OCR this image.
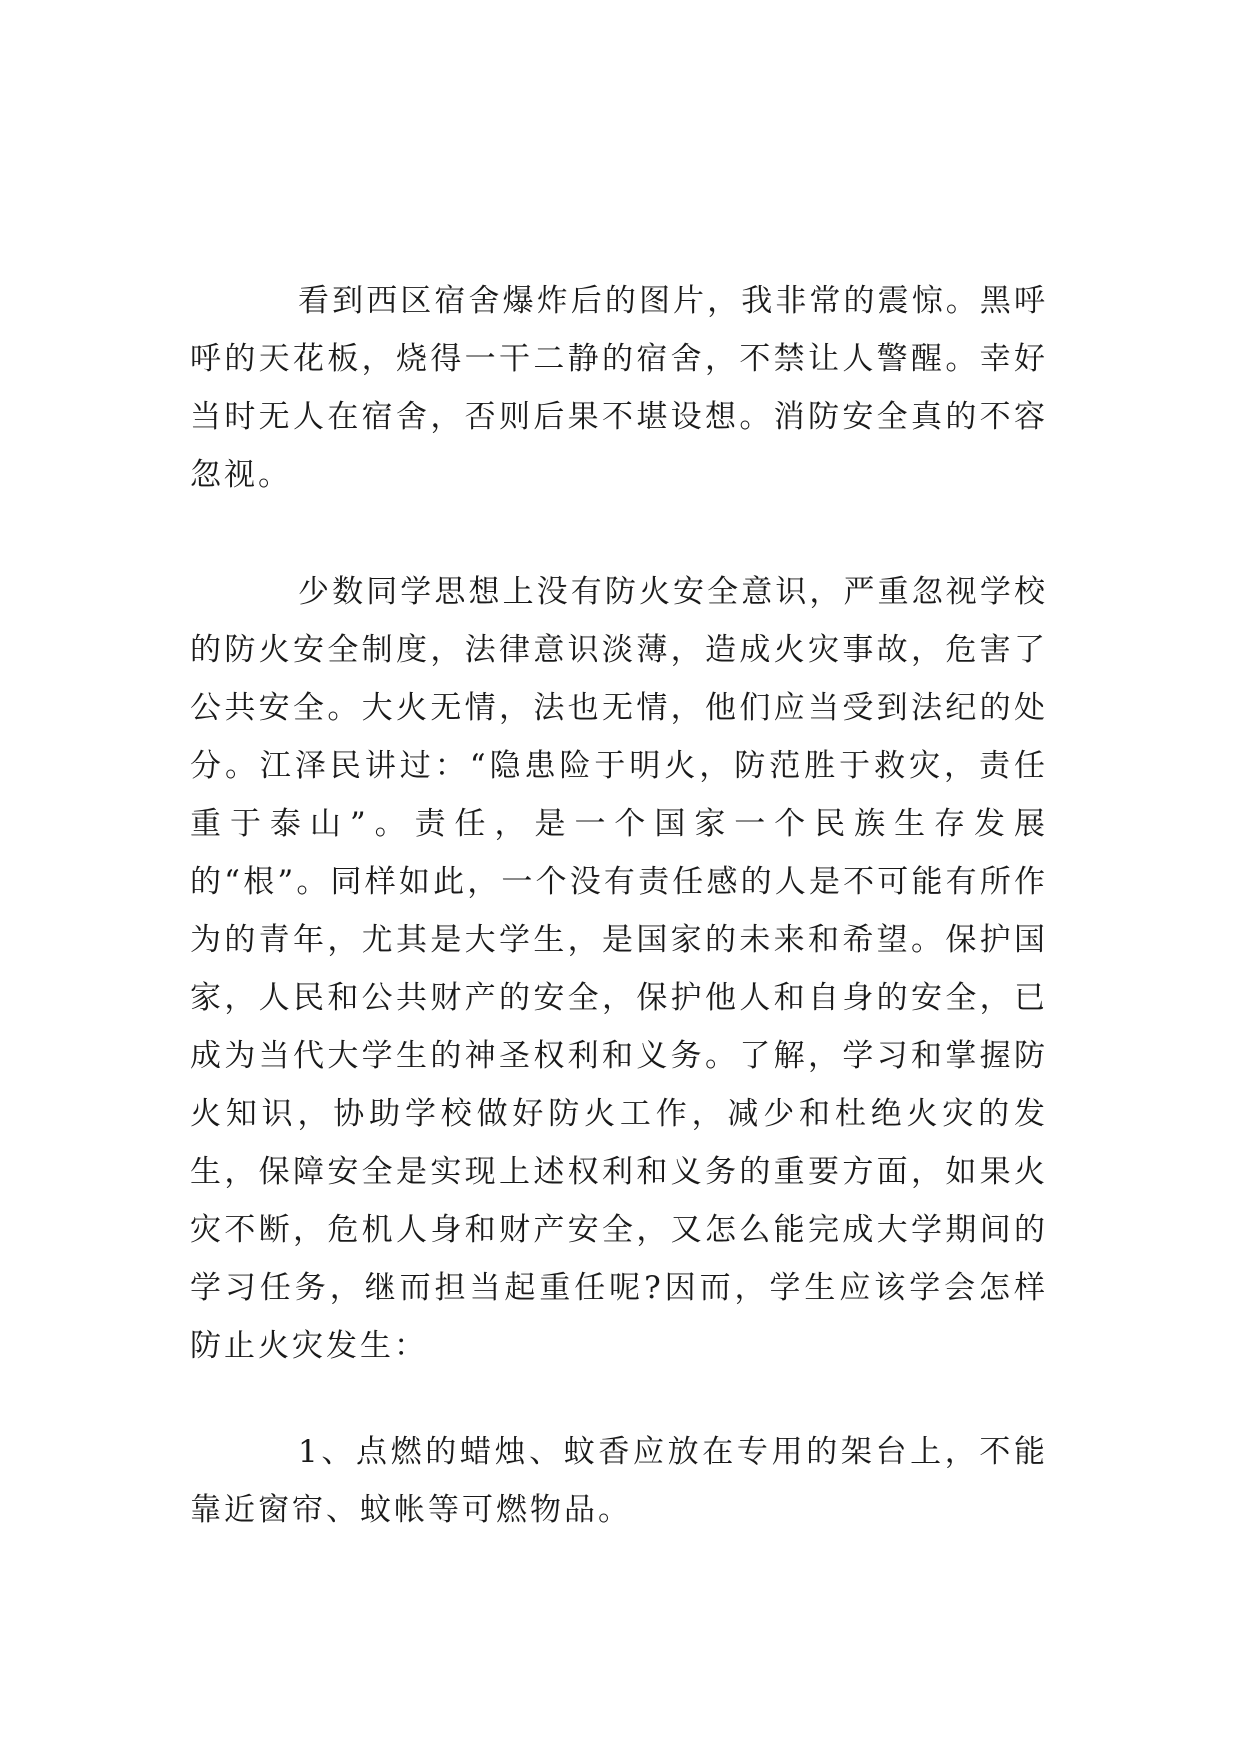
看到西区宿舍爆炸后的图片，我非常的震惊。黑呼呼的天花板，烧得一干二静的宿舍，不禁让人警醒。幸好当时无人在宿舍，否则后果不堪设想。消防安全真的不容忽视。

少数同学思想上没有防火安全意识，严重忽视学校的防火安全制度，法律意识淡薄，造成火灾事故，危害了公共安全。大火无情，法也无情，他们应当受到法纪的处分。江泽民讲过：“隐患险于明火，防范胜于救灾，责任重于泰山”。责任，是一个国家一个民族生存发展的“根”。同样如此，一个没有责任感的人是不可能有所作为的青年，尤其是大学生，是国家的未来和希望。保护国家，人民和公共财产的安全，保护他人和自身的安全，已成为当代大学生的神圣权利和义务。了解，学习和掌握防火知识，协助学校做好防火工作，减少和杜绝火灾的发生，保障安全是实现上述权利和义务的重要方面，如果火灾不断，危机人身和财产安全，又怎么能完成大学期间的学习任务，继而担当起重任呢?因而，学生应该学会怎样防止火灾发生：

1、点燃的蜡烛、蚊香应放在专用的架台上，不能靠近窗帘、蚊帐等可燃物品。
